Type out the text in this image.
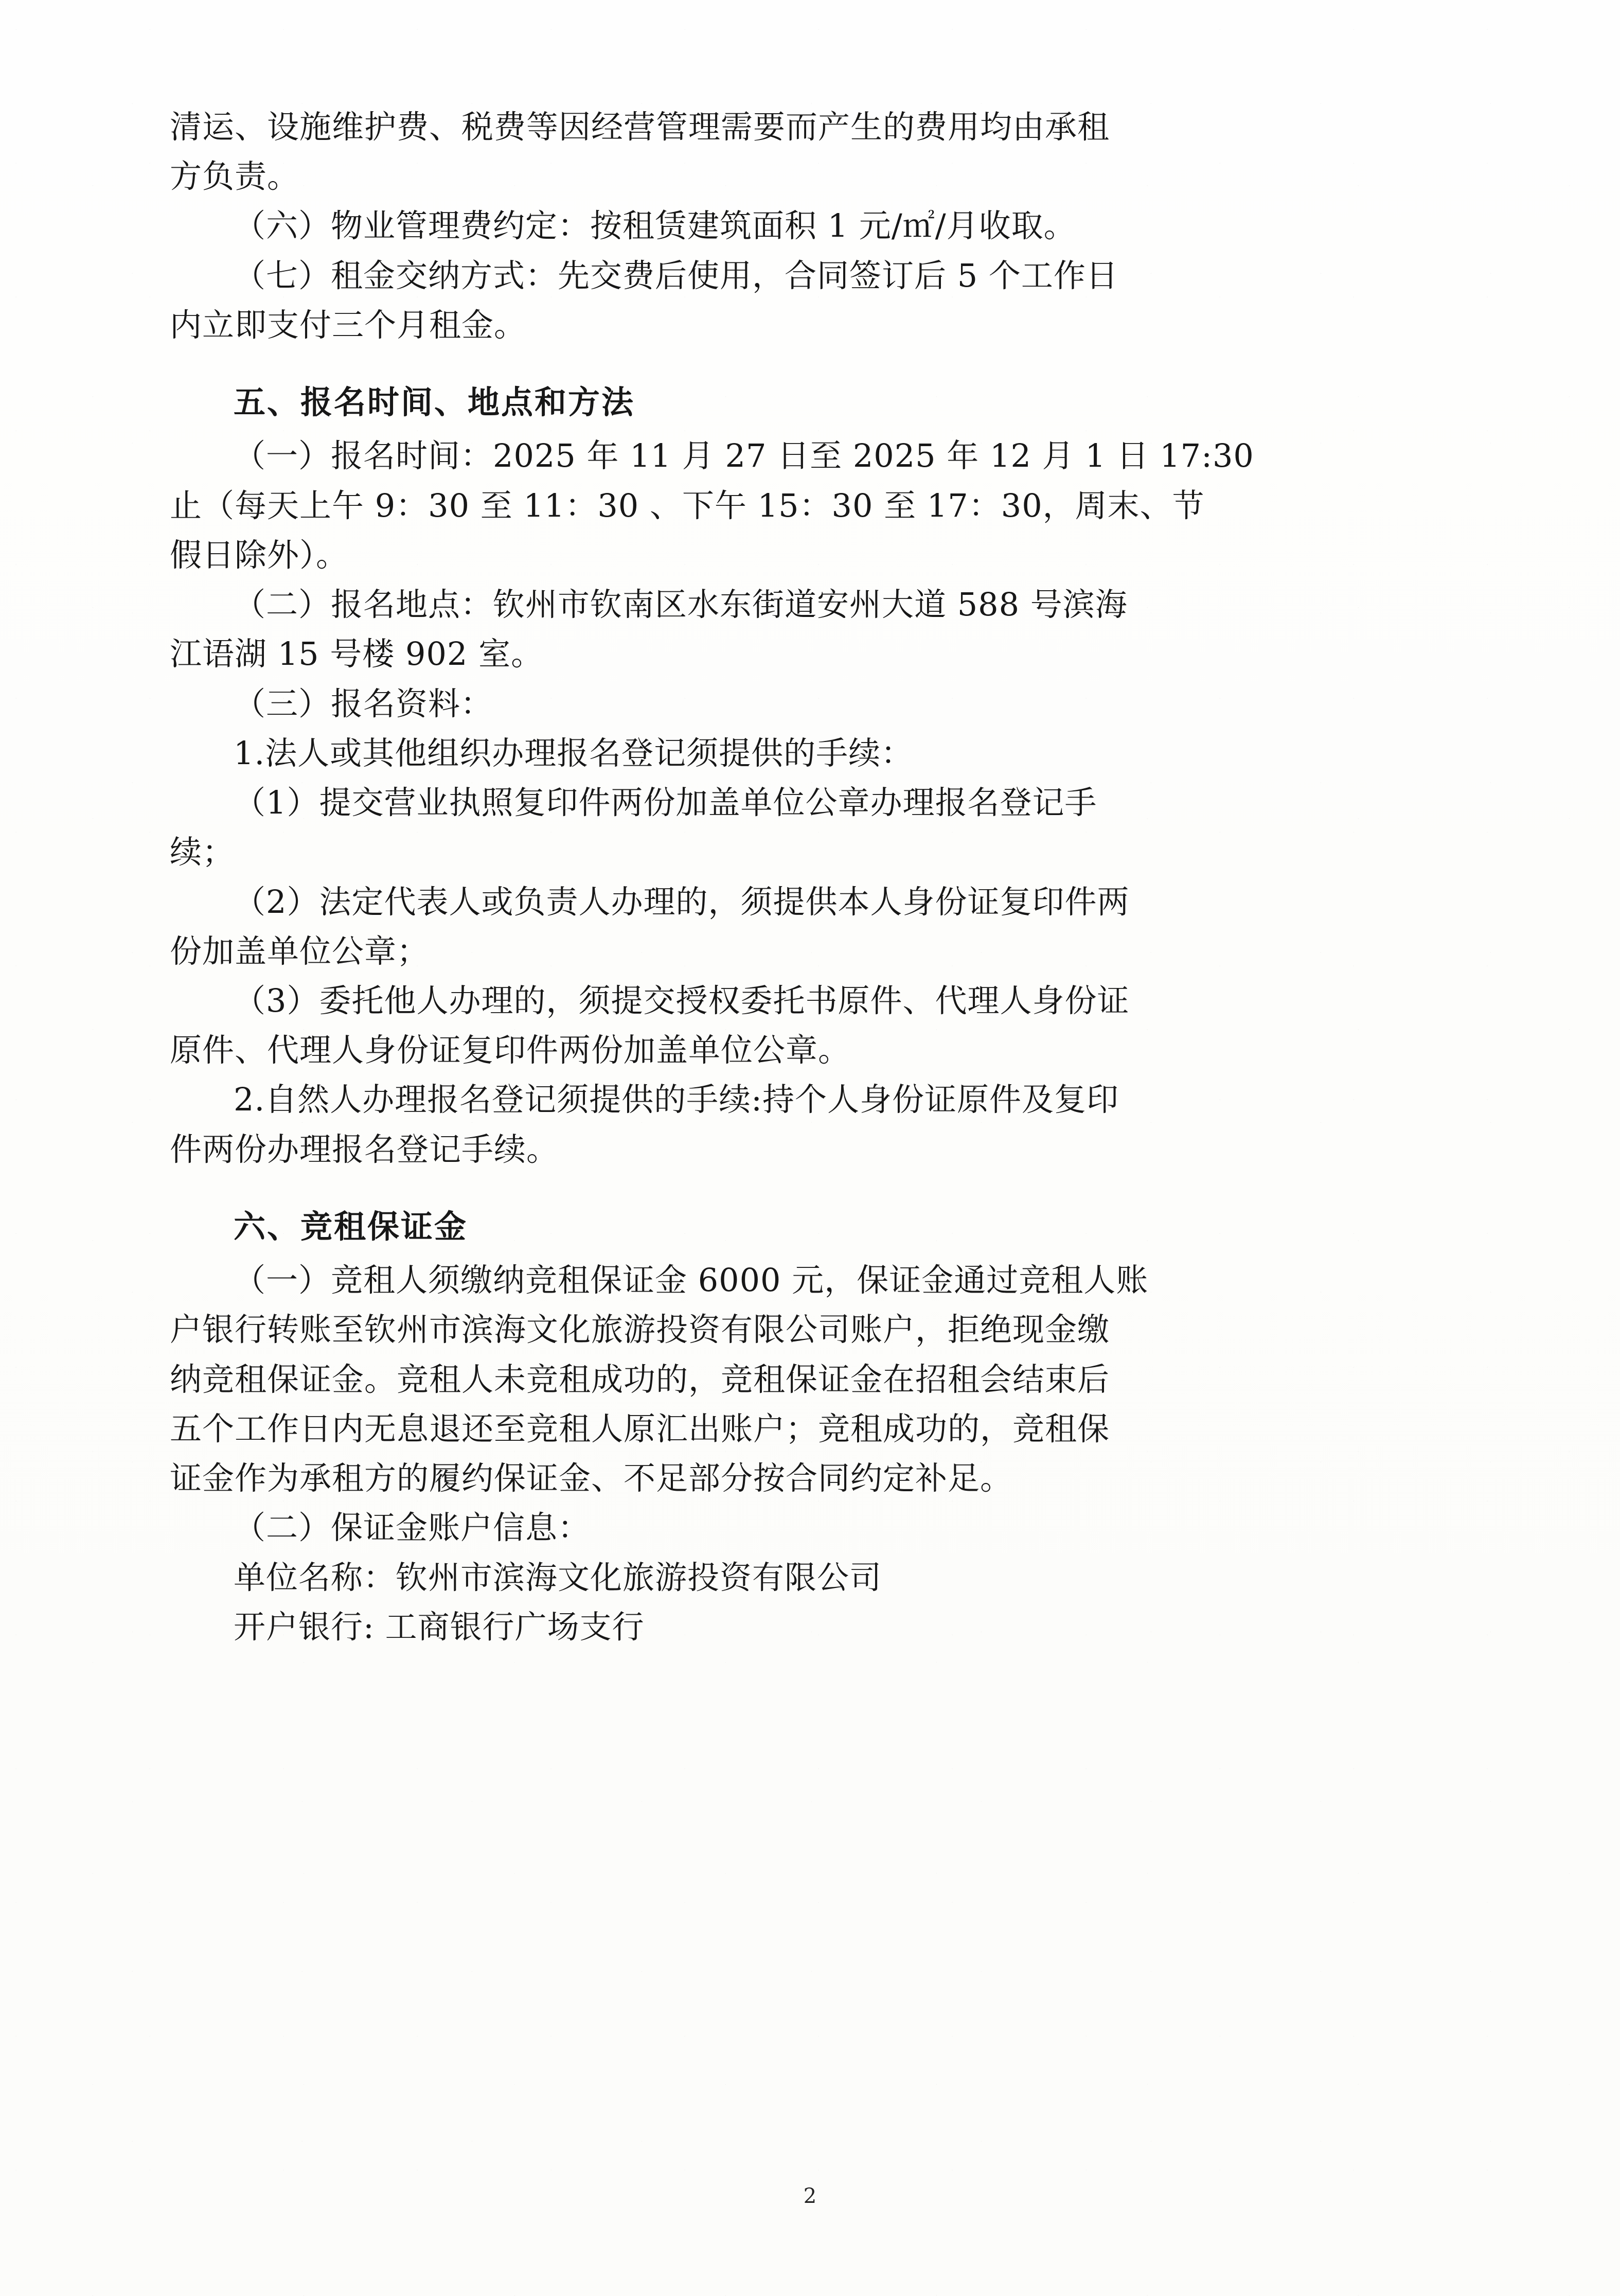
清运、设施维护费、税费等因经营管理需要而产生的费用均由承租

方负责。

（六）物业管理费约定：按租赁建筑面积 1 元/㎡/月收取。

（七）租金交纳方式：先交费后使用，合同签订后 5 个工作日

内立即支付三个月租金。

五、报名时间、地点和方法

（一）报名时间：2025 年 11 月 27 日至 2025 年 12 月 1 日 17:30

止（每天上午 9：30 至 11：30 、下午 15：30 至 17：30，周末、节

假日除外）。

（二）报名地点：钦州市钦南区水东街道安州大道 588 号滨海

江语湖 15 号楼 902 室。

（三）报名资料：

1.法人或其他组织办理报名登记须提供的手续：

（1）提交营业执照复印件两份加盖单位公章办理报名登记手

续；

（2）法定代表人或负责人办理的，须提供本人身份证复印件两

份加盖单位公章；

（3）委托他人办理的，须提交授权委托书原件、代理人身份证

原件、代理人身份证复印件两份加盖单位公章。

2.自然人办理报名登记须提供的手续:持个人身份证原件及复印

件两份办理报名登记手续。

六、竞租保证金

（一）竞租人须缴纳竞租保证金 6000 元，保证金通过竞租人账

户银行转账至钦州市滨海文化旅游投资有限公司账户，拒绝现金缴

纳竞租保证金。竞租人未竞租成功的，竞租保证金在招租会结束后

五个工作日内无息退还至竞租人原汇出账户；竞租成功的，竞租保

证金作为承租方的履约保证金、不足部分按合同约定补足。

（二）保证金账户信息：

单位名称：钦州市滨海文化旅游投资有限公司

开户银行: 工商银行广场支行

2
